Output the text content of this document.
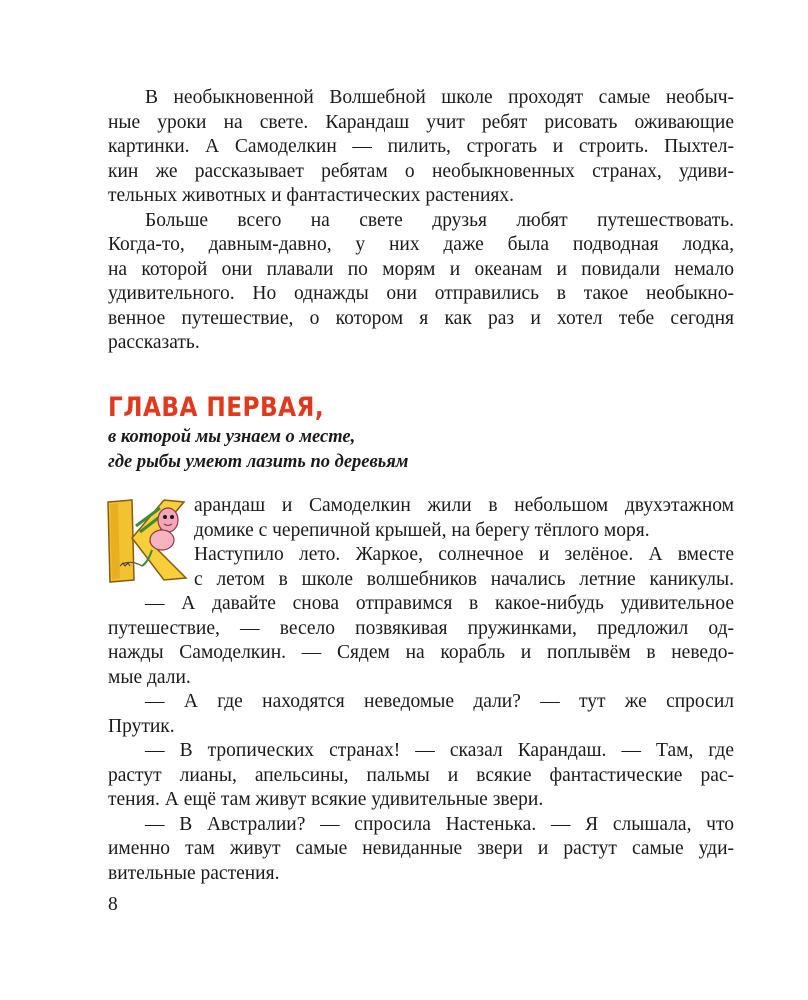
В необыкновенной Волшебной школе проходят самые необыч-
ные уроки на свете. Карандаш учит ребят рисовать оживающие
картинки. А Самоделкин — пилить, строгать и строить. Пыхтел-
кин же рассказывает ребятам о необыкновенных странах, удиви-
тельных животных и фантастических растениях.
Больше всего на свете друзья любят путешествовать.
Когда-то, давным-давно, у них даже была подводная лодка,
на которой они плавали по морям и океанам и повидали немало
удивительного. Но однажды они отправились в такое необыкно-
венное путешествие, о котором я как раз и хотел тебе сегодня
рассказать.
ГЛАВА ПЕРВАЯ,
в которой мы узнаем о месте,
где рыбы умеют лазить по деревьям
арандаш и Самоделкин жили в небольшом двухэтажном
домике с черепичной крышей, на берегу тёплого моря.
Наступило лето. Жаркое, солнечное и зелёное. А вместе
с летом в школе волшебников начались летние каникулы.
— А давайте снова отправимся в какое-нибудь удивительное
путешествие, — весело позвякивая пружинками, предложил од-
нажды Самоделкин. — Сядем на корабль и поплывём в неведо-
мые дали.
— А где находятся неведомые дали? — тут же спросил
Прутик.
— В тропических странах! — сказал Карандаш. — Там, где
растут лианы, апельсины, пальмы и всякие фантастические рас-
тения. А ещё там живут всякие удивительные звери.
— В Австралии? — спросила Настенька. — Я слышала, что
именно там живут самые невиданные звери и растут самые уди-
вительные растения.
8
